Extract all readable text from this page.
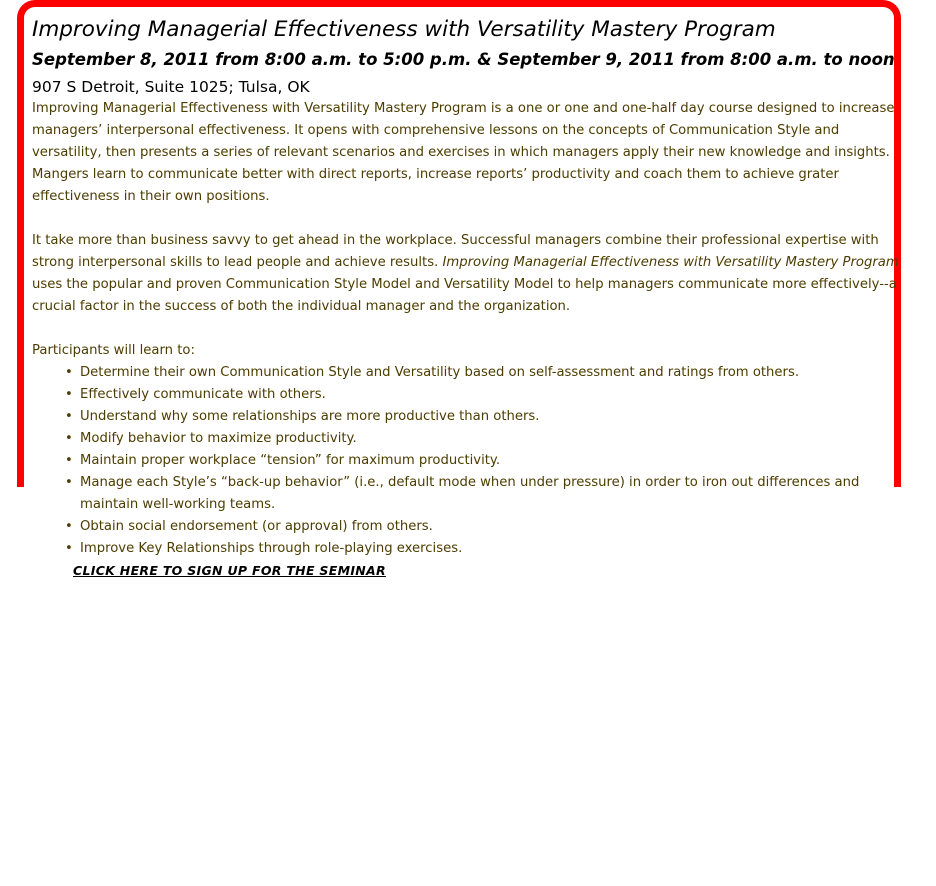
Improving Managerial Effectiveness with Versatility Mastery Program
September 8, 2011 from 8:00 a.m. to 5:00 p.m. & September 9, 2011 from 8:00 a.m. to noon
907 S Detroit, Suite 1025; Tulsa, OK

Improving Managerial Effectiveness with Versatility Mastery Program is a one or one and one-half day course designed to increase managers’ interpersonal effectiveness. It opens with comprehensive lessons on the concepts of Communication Style and versatility, then presents a series of relevant scenarios and exercises in which managers apply their new knowledge and insights. Mangers learn to communicate better with direct reports, increase reports’ productivity and coach them to achieve grater effectiveness in their own positions.

It take more than business savvy to get ahead in the workplace. Successful managers combine their professional expertise with strong interpersonal skills to lead people and achieve results. Improving Managerial Effectiveness with Versatility Mastery Program uses the popular and proven Communication Style Model and Versatility Model to help managers communicate more effectively--a crucial factor in the success of both the individual manager and the organization.

Participants will learn to:

• Determine their own Communication Style and Versatility based on self-assessment and ratings from others.
• Effectively communicate with others.
• Understand why some relationships are more productive than others.
• Modify behavior to maximize productivity.
• Maintain proper workplace “tension” for maximum productivity.
• Manage each Style’s “back-up behavior” (i.e., default mode when under pressure) in order to iron out differences and maintain well-working teams.
• Obtain social endorsement (or approval) from others.
• Improve Key Relationships through role-playing exercises.
CLICK HERE TO SIGN UP FOR THE SEMINAR
